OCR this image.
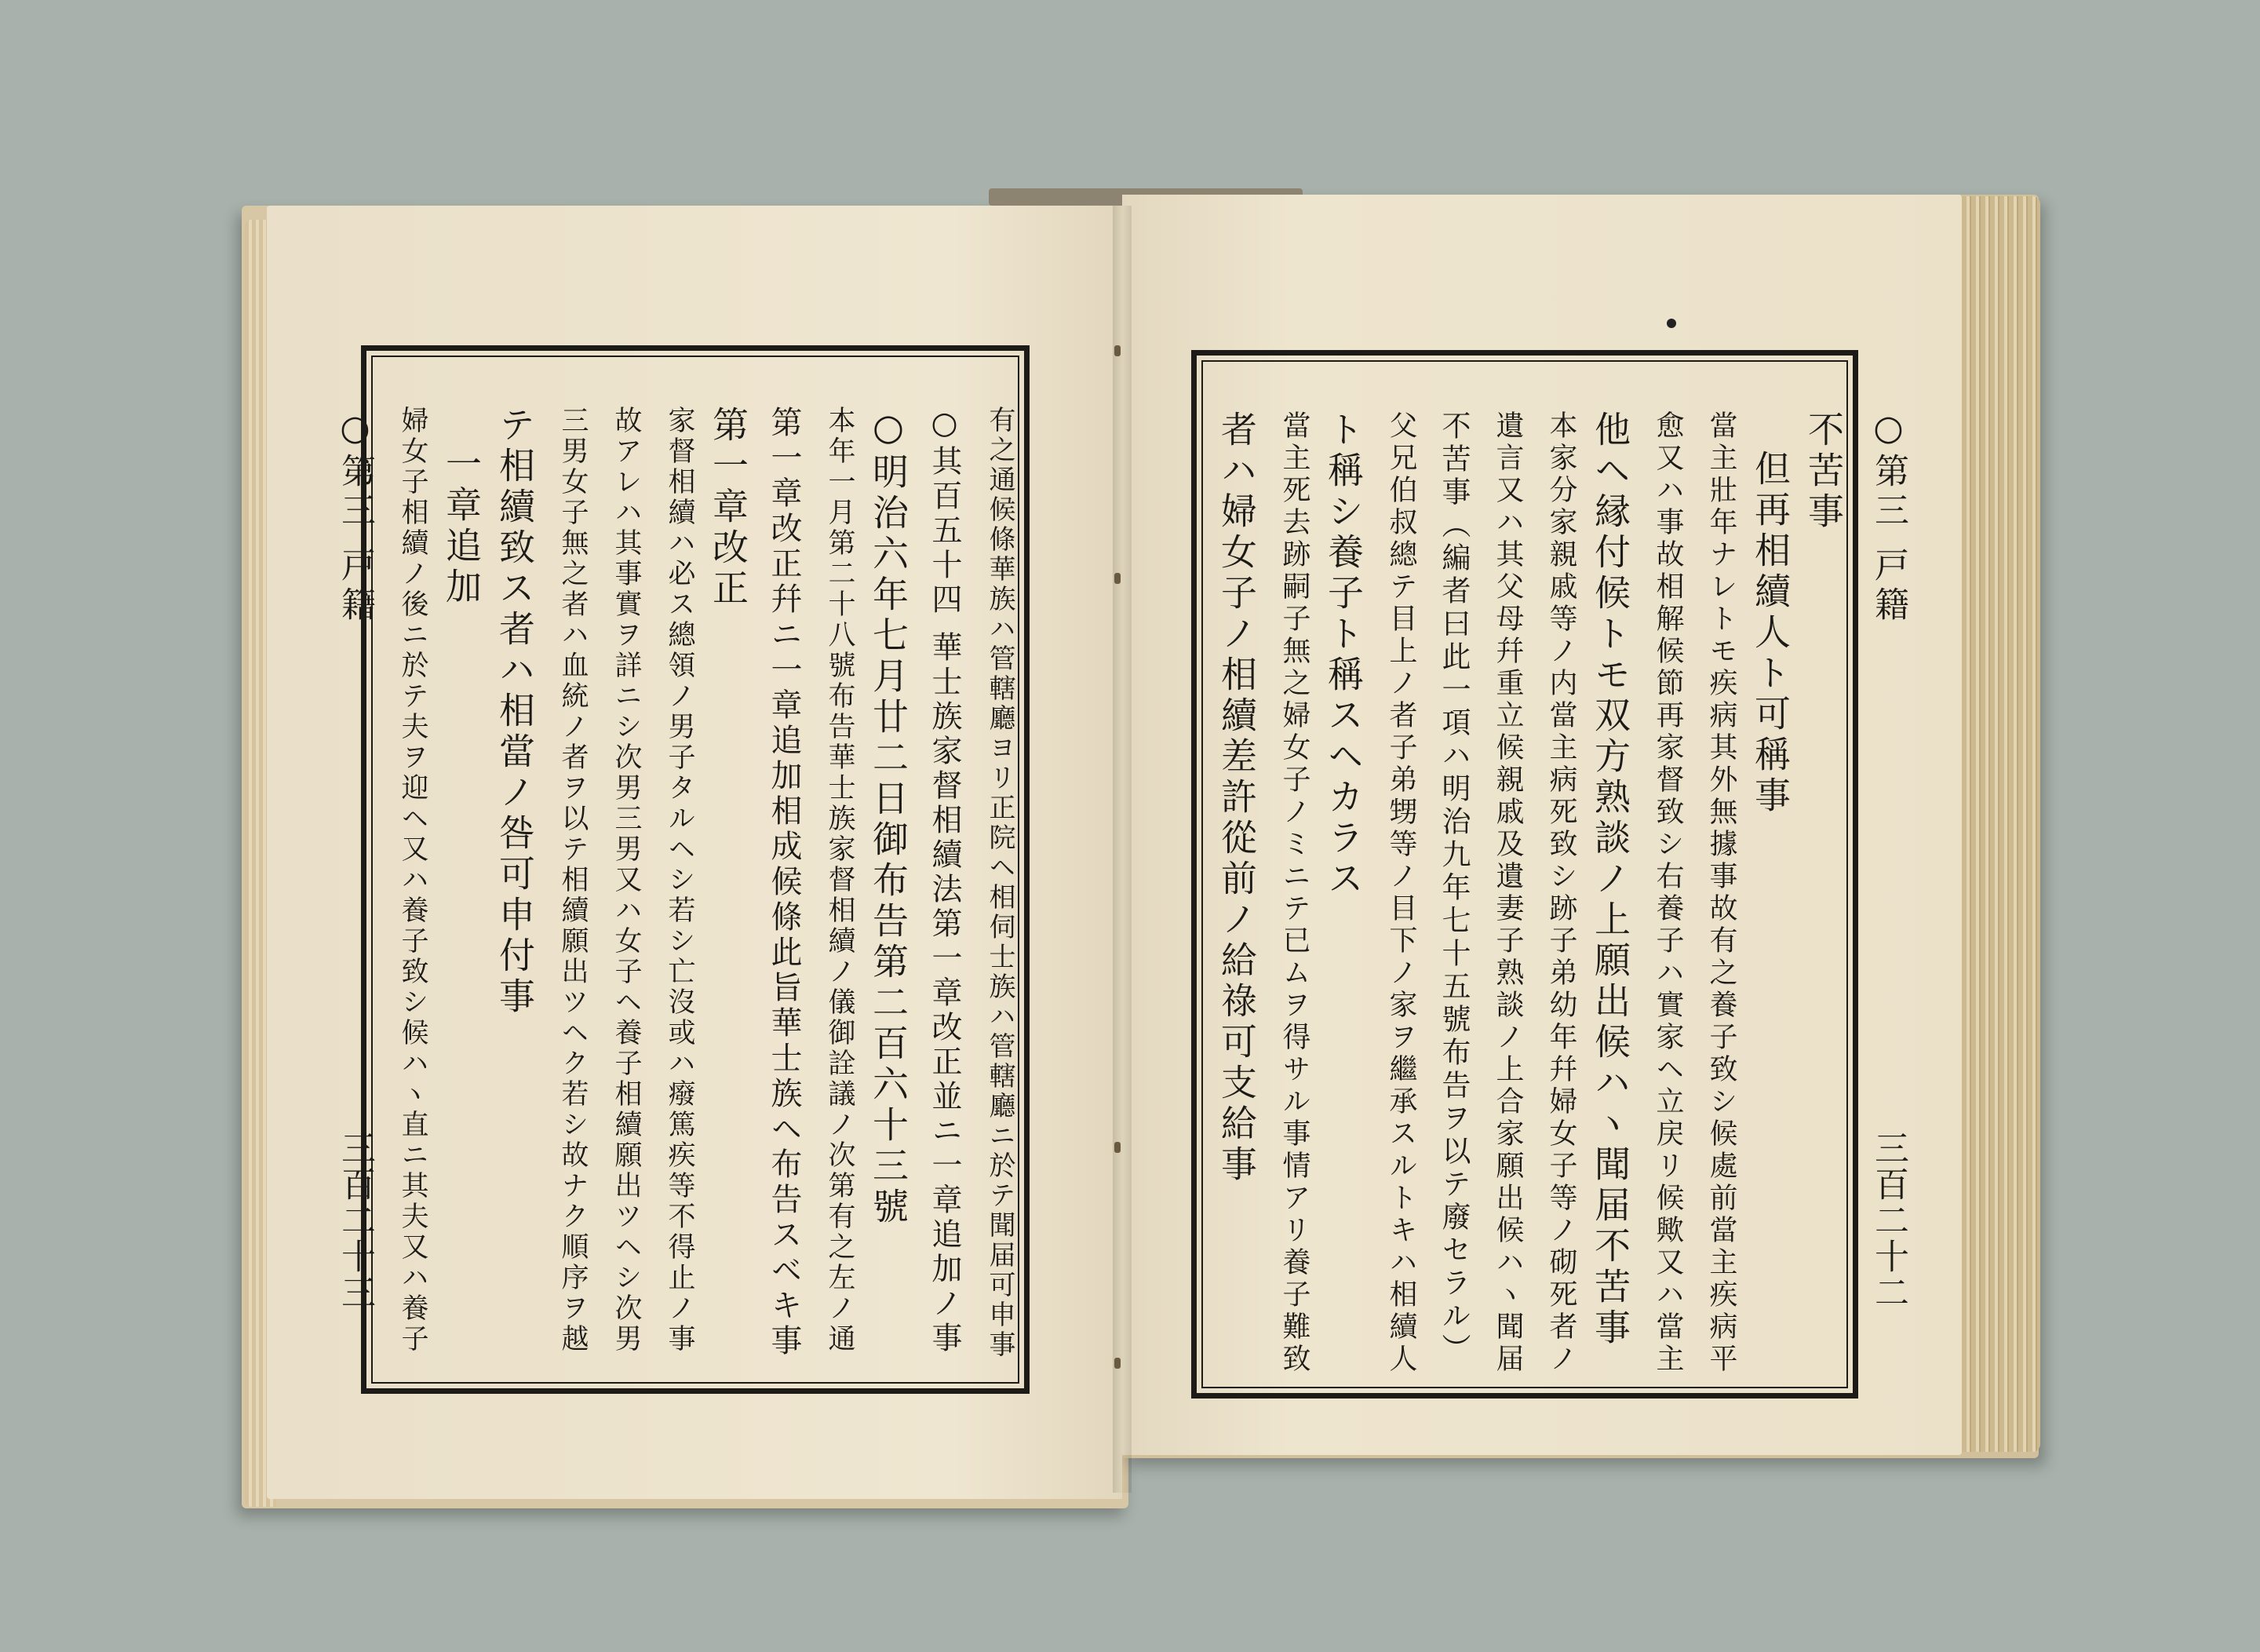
○第三 戸籍
三百二十三	有之通候條華族ハ管轄廳ヨリ正院ヘ相伺士族ハ管轄廳ニ於テ聞届可申事
○其百五十四 華士族家督相續法第一章改正並ニ一章追加ノ事
○明治六年七月廿二日御布告第二百六十三號
本年一月第二十八號布告華士族家督相續ノ儀御詮議ノ次第有之左ノ通
第一章改正幷ニ一章追加相成候條此旨華士族ヘ布告スベキ事
第一章改正
家督相續ハ必ス總領ノ男子タルヘシ若シ亡沒或ハ癈篤疾等不得止ノ事
故アレハ其事實ヲ詳ニシ次男三男又ハ女子ヘ養子相續願出ツヘシ次男
三男女子無之者ハ血統ノ者ヲ以テ相續願出ツヘク若シ故ナク順序ヲ越
テ相續致ス者ハ相當ノ咎可申付事
一章追加
婦女子相續ノ後ニ於テ夫ヲ迎ヘ又ハ養子致シ候ハヽ直ニ其夫又ハ養子	○第三 戸籍
三百二十二
不苦事
但再相續人ト可稱事
當主壯年ナレトモ疾病其外無據事故有之養子致シ候處前當主疾病平
愈又ハ事故相解候節再家督致シ右養子ハ實家ヘ立戻リ候歟又ハ當主
他ヘ縁付候トモ双方熟談ノ上願出候ハヽ聞届不苦事
本家分家親戚等ノ内當主病死致シ跡子弟幼年幷婦女子等ノ砌死者ノ
遺言又ハ其父母幷重立候親戚及遺妻子熟談ノ上合家願出候ハヽ聞届
不苦事（編者曰此一項ハ明治九年七十五號布告ヲ以テ廢セラル）
父兄伯叔總テ目上ノ者子弟甥等ノ目下ノ家ヲ繼承スルトキハ相續人
ト稱シ養子ト稱スヘカラス
當主死去跡嗣子無之婦女子ノミニテ已ムヲ得サル事情アリ養子難致
者ハ婦女子ノ相續差許從前ノ給祿可支給事
